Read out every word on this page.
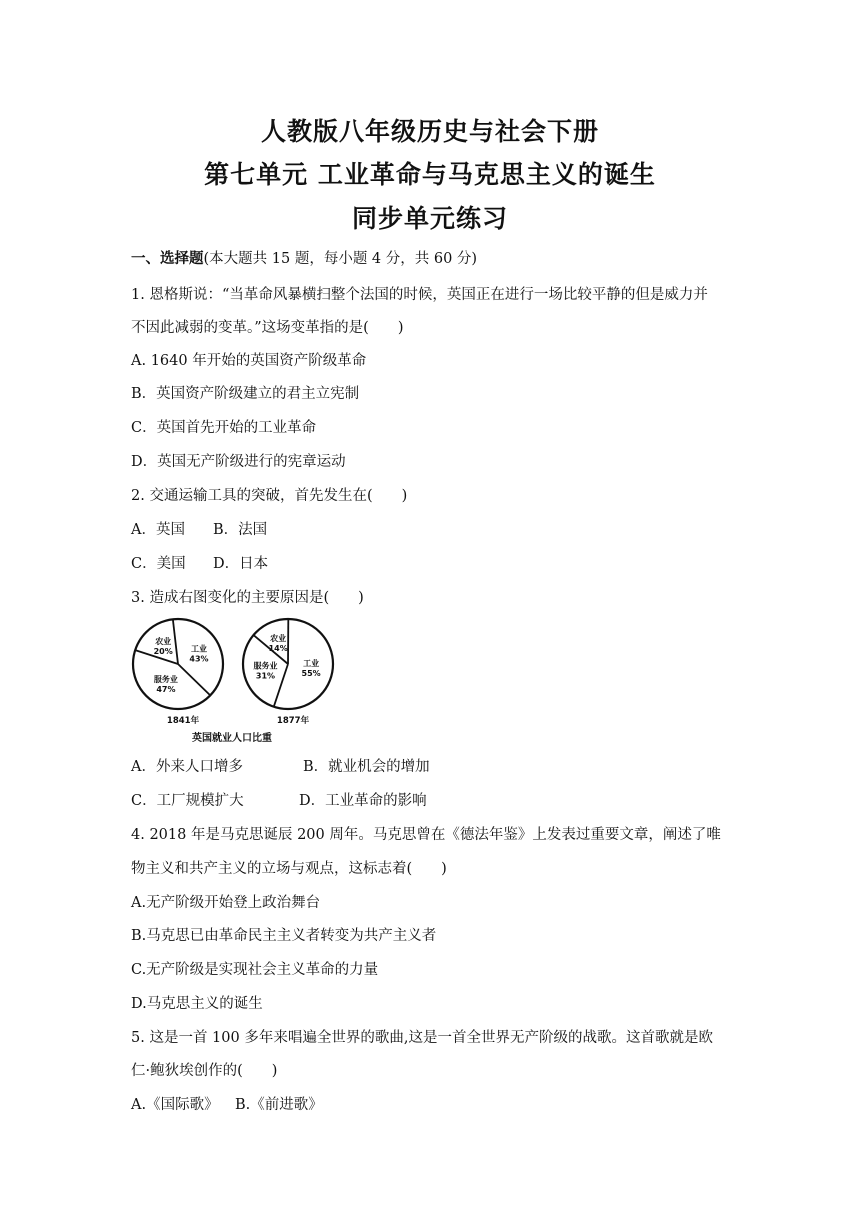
人教版八年级历史与社会下册
第七单元 工业革命与马克思主义的诞生
同步单元练习
一、选择题(本大题共 15 题，每小题 4 分，共 60 分)
1. 恩格斯说：“当革命风暴横扫整个法国的时候，英国正在进行一场比较平静的但是威力并
不因此减弱的变革。”这场变革指的是(　　)
A. 1640 年开始的英国资产阶级革命
B．英国资产阶级建立的君主立宪制
C．英国首先开始的工业革命
D．英国无产阶级进行的宪章运动
2. 交通运输工具的突破，首先发生在(　　)
A．英国 B．法国
C．美国 D．日本
3. 造成右图变化的主要原因是(　　)
农业
20% 工业
43%
服务业
47%
1841年
农业
14%
工业
55%
服务业
31%
1877年
英国就业人口比重
A．外来人口增多	B．就业机会的增加
C．工厂规模扩大	D．工业革命的影响
4. 2018 年是马克思诞辰 200 周年。马克思曾在《德法年鉴》上发表过重要文章，阐述了唯
物主义和共产主义的立场与观点，这标志着(　　)
A.无产阶级开始登上政治舞台
B.马克思已由革命民主主义者转变为共产主义者
C.无产阶级是实现社会主义革命的力量
D.马克思主义的诞生
5. 这是一首 100 多年来唱遍全世界的歌曲,这是一首全世界无产阶级的战歌。这首歌就是欧
仁·鲍狄埃创作的(　　)
A.《国际歌》 B.《前进歌》
